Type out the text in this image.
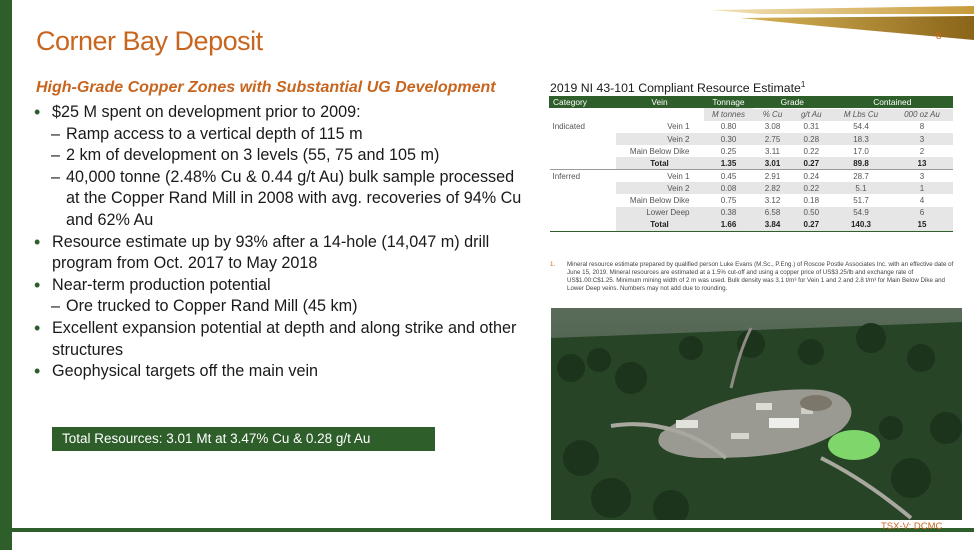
Corner Bay Deposit	8
High-Grade Copper Zones with Substantial UG Development
• $25 M spent on development prior to 2009:
– Ramp access to a vertical depth of 115 m
– 2 km of development on 3 levels (55, 75 and 105 m)
– 40,000 tonne (2.48% Cu & 0.44 g/t Au) bulk sample processed at the Copper Rand Mill in 2008 with avg. recoveries of 94% Cu and 62% Au
• Resource estimate up by 93% after a 14-hole (14,047 m) drill program from Oct. 2017 to May 2018
• Near-term production potential
– Ore trucked to Copper Rand Mill (45 km)
• Excellent expansion potential at depth and along strike and other structures
• Geophysical targets off the main vein
Total Resources: 3.01 Mt at 3.47% Cu & 0.28 g/t Au
2019 NI 43-101 Compliant Resource Estimate$^1$
Category	Vein	Tonnage	Grade		Contained	
		M tonnes	% Cu	g/t Au	M Lbs Cu	000 oz Au
Indicated	Vein 1	0.80	3.08	0.31	54.4	8
	Vein 2	0.30	2.75	0.28	18.3	3
	Main Below Dike	0.25	3.11	0.22	17.0	2
	Total	1.35	3.01	0.27	89.8	13
Inferred	Vein 1	0.45	2.91	0.24	28.7	3
	Vein 2	0.08	2.82	0.22	5.1	1
	Main Below Dike	0.75	3.12	0.18	51.7	4
	Lower Deep	0.38	6.58	0.50	54.9	6
	Total	1.66	3.84	0.27	140.3	15
1.	Mineral resource estimate prepared by qualified person Luke Evans (M.Sc., P.Eng.) of Roscoe Postle Associates Inc. with an effective date of June 15, 2019. Mineral resources are estimated at a 1.5% cut-off and using a copper price of US$3.25/lb and exchange rate of US$1.00:C$1.25. Minimum mining width of 2 m was used. Bulk density was 3.1 t/m³ for Vein 1 and 2 and 2.8 t/m³ for Main Below Dike and Lower Deep veins. Numbers may not add due to rounding.
TSX-V: DCMC
